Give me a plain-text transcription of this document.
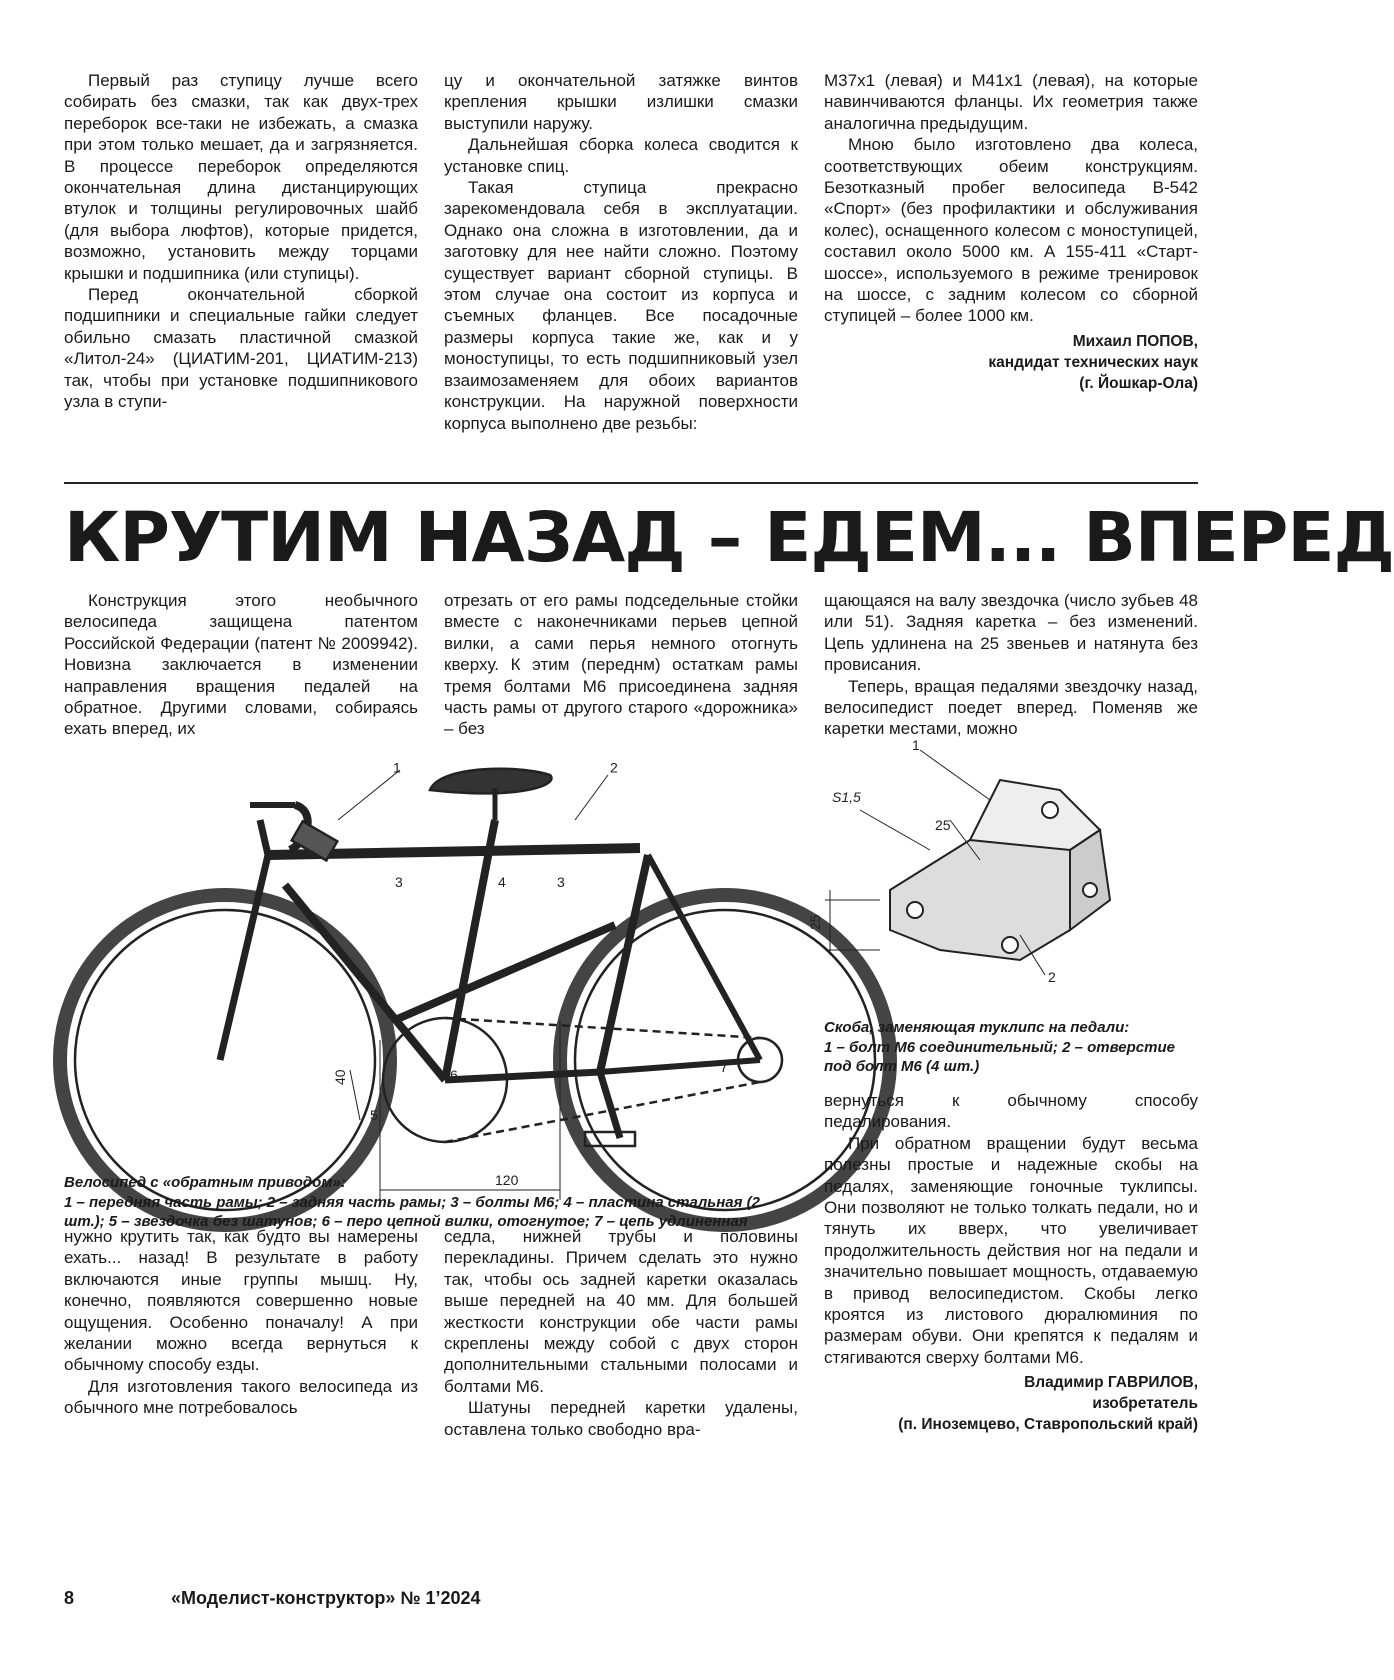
Первый раз ступицу лучше всего собирать без смазки, так как двух-трех переборок все-таки не избежать, а смазка при этом только мешает, да и загрязняется. В процессе переборок определяются окончательная длина дистанцирующих втулок и толщины регулировочных шайб (для выбора люфтов), которые придется, возможно, установить между торцами крышки и подшипника (или ступицы).

Перед окончательной сборкой подшипники и специальные гайки следует обильно смазать пластичной смазкой «Литол-24» (ЦИАТИМ-201, ЦИАТИМ-213) так, чтобы при установке подшипникового узла в ступи-

цу и окончательной затяжке винтов крепления крышки излишки смазки выступили наружу.

Дальнейшая сборка колеса сводится к установке спиц.

Такая ступица прекрасно зарекомендовала себя в эксплуатации. Однако она сложна в изготовлении, да и заготовку для нее найти сложно. Поэтому существует вариант сборной ступицы. В этом случае она состоит из корпуса и съемных фланцев. Все посадочные размеры корпуса такие же, как и у моноступицы, то есть подшипниковый узел взаимозаменяем для обоих вариантов конструкции. На наружной поверхности корпуса выполнено две резьбы:

M37x1 (левая) и M41x1 (левая), на которые навинчиваются фланцы. Их геометрия также аналогична предыдущим.

Мною было изготовлено два колеса, соответствующих обеим конструкциям. Безотказный пробег велосипеда В-542 «Спорт» (без профилактики и обслуживания колес), оснащенного колесом с моноступицей, составил около 5000 км. А 155-411 «Старт-шоссе», используемого в режиме тренировок на шоссе, с задним колесом со сборной ступицей – более 1000 км.

Михаил ПОПОВ,
кандидат технических наук
(г. Йошкар-Ола)
КРУТИМ НАЗАД – ЕДЕМ... ВПЕРЕД

Конструкция этого необычного велосипеда защищена патентом Российской Федерации (патент № 2009942). Новизна заключается в изменении направления вращения педалей на обратное. Другими словами, собираясь ехать вперед, их

отрезать от его рамы подседельные стойки вместе с наконечниками перьев цепной вилки, а сами перья немного отогнуть кверху. К этим (переднм) остаткам рамы тремя болтами М6 присоединена задняя часть рамы от другого старого «дорожника» – без

щающаяся на валу звездочка (число зубьев 48 или 51). Задняя каретка – без изменений. Цепь удлинена на 25 звеньев и натянута без провисания.

Теперь, вращая педалями звездочку назад, велосипедист поедет вперед. Поменяв же каретки местами, можно

1	2
3	4	3
6	7
5
40
120
Велосипед с «обратным приводом»:
1 – передняя часть рамы; 2 – задняя часть рамы; 3 – болты М6; 4 – пластина стальная (2 шт.); 5 – звездочка без шатунов; 6 – перо цепной вилки, отогнутое; 7 – цепь удлиненная
1
S1,5
25
25
2
Скоба, заменяющая туклипс на педали:
1 – болт М6 соединительный; 2 – отверстие под болт М6 (4 шт.)

нужно крутить так, как будто вы намерены ехать... назад! В результате в работу включаются иные группы мышц. Ну, конечно, появляются совершенно новые ощущения. Особенно поначалу! А при желании можно всегда вернуться к обычному способу езды.

Для изготовления такого велосипеда из обычного мне потребовалось

седла, нижней трубы и половины перекладины. Причем сделать это нужно так, чтобы ось задней каретки оказалась выше передней на 40 мм. Для большей жесткости конструкции обе части рамы скреплены между собой с двух сторон дополнительными стальными полосами и болтами М6.

Шатуны передней каретки удалены, оставлена только свободно вра-

вернуться к обычному способу педалирования.

При обратном вращении будут весьма полезны простые и надежные скобы на педалях, заменяющие гоночные туклипсы. Они позволяют не только толкать педали, но и тянуть их вверх, что увеличивает продолжительность действия ног на педали и значительно повышает мощность, отдаваемую в привод велосипедистом. Скобы легко кроятся из листового дюралюминия по размерам обуви. Они крепятся к педалям и стягиваются сверху болтами М6.

Владимир ГАВРИЛОВ,
изобретатель
(п. Иноземцево, Ставропольский край)
8	«Моделист-конструктор» № 1’2024
